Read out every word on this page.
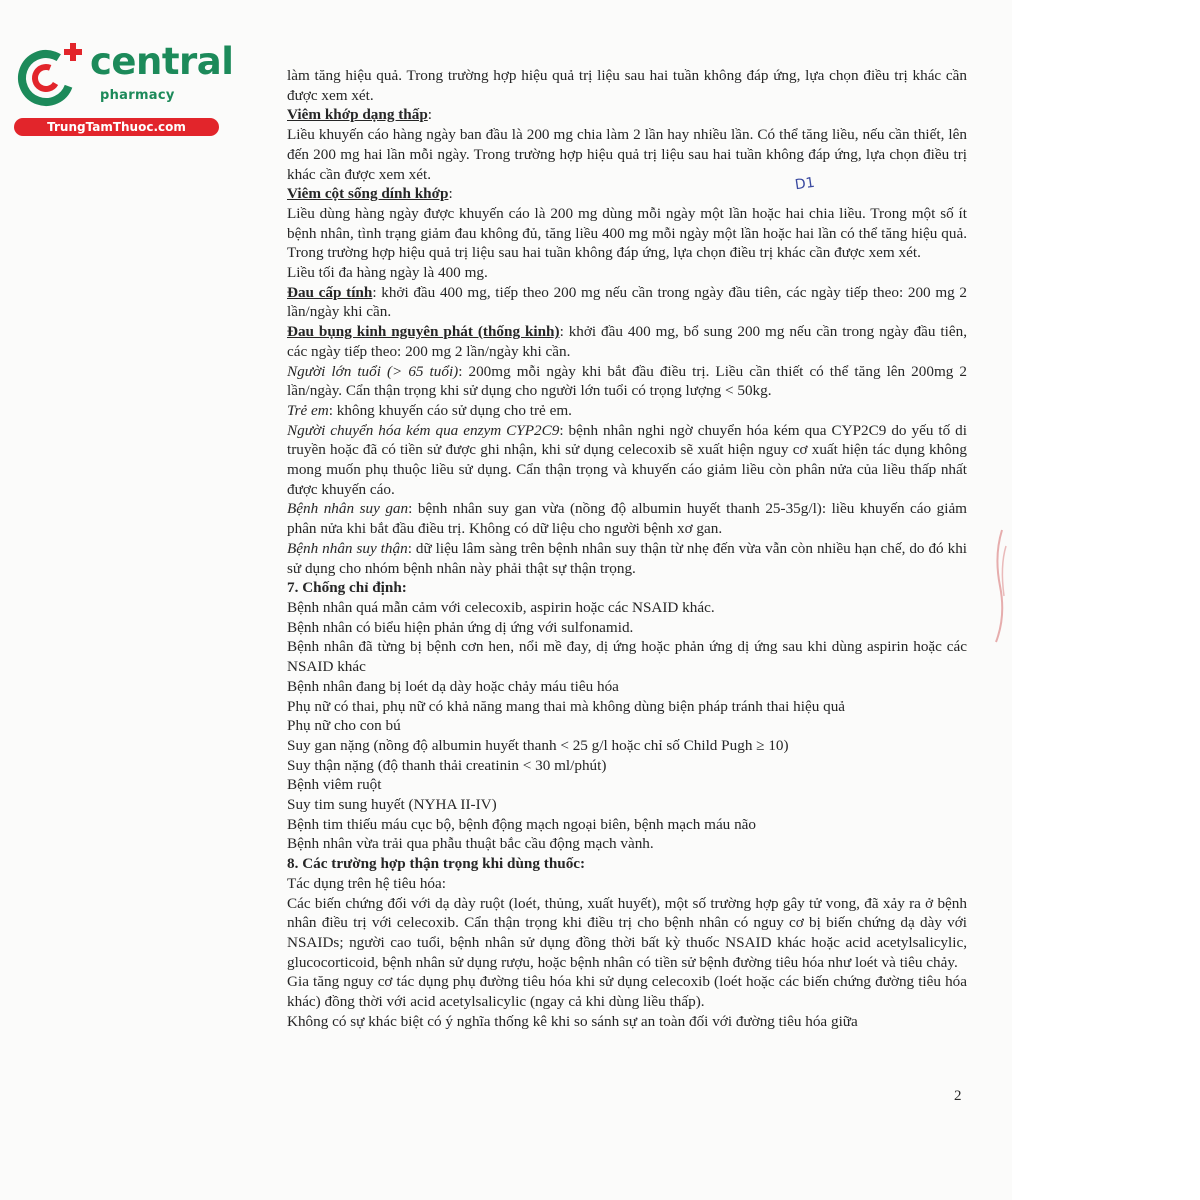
central
pharmacy
TrungTamThuoc.com
D1

làm tăng hiệu quả. Trong trường hợp hiệu quả trị liệu sau hai tuần không đáp ứng, lựa chọn điều trị khác cần được xem xét.

Viêm khớp dạng thấp:

Liều khuyến cáo hàng ngày ban đầu là 200 mg chia làm 2 lần hay nhiều lần. Có thể tăng liều, nếu cần thiết, lên đến 200 mg hai lần mỗi ngày. Trong trường hợp hiệu quả trị liệu sau hai tuần không đáp ứng, lựa chọn điều trị khác cần được xem xét.

Viêm cột sống dính khớp:

Liều dùng hàng ngày được khuyến cáo là 200 mg dùng mỗi ngày một lần hoặc hai chia liều. Trong một số ít bệnh nhân, tình trạng giảm đau không đủ, tăng liều 400 mg mỗi ngày một lần hoặc hai lần có thể tăng hiệu quả. Trong trường hợp hiệu quả trị liệu sau hai tuần không đáp ứng, lựa chọn điều trị khác cần được xem xét.

Liều tối đa hàng ngày là 400 mg.

Đau cấp tính: khởi đầu 400 mg, tiếp theo 200 mg nếu cần trong ngày đầu tiên, các ngày tiếp theo: 200 mg 2 lần/ngày khi cần.

Đau bụng kinh nguyên phát (thống kinh): khởi đầu 400 mg, bổ sung 200 mg nếu cần trong ngày đầu tiên, các ngày tiếp theo: 200 mg 2 lần/ngày khi cần.

Người lớn tuổi (> 65 tuổi): 200mg mỗi ngày khi bắt đầu điều trị. Liều cần thiết có thể tăng lên 200mg 2 lần/ngày. Cẩn thận trọng khi sử dụng cho người lớn tuổi có trọng lượng < 50kg.

Trẻ em: không khuyến cáo sử dụng cho trẻ em.

Người chuyển hóa kém qua enzym CYP2C9: bệnh nhân nghi ngờ chuyển hóa kém qua CYP2C9 do yếu tố di truyền hoặc đã có tiền sử được ghi nhận, khi sử dụng celecoxib sẽ xuất hiện nguy cơ xuất hiện tác dụng không mong muốn phụ thuộc liều sử dụng. Cẩn thận trọng và khuyến cáo giảm liều còn phân nửa của liều thấp nhất được khuyến cáo.

Bệnh nhân suy gan: bệnh nhân suy gan vừa (nồng độ albumin huyết thanh 25-35g/l): liều khuyến cáo giảm phân nửa khi bắt đầu điều trị. Không có dữ liệu cho người bệnh xơ gan.

Bệnh nhân suy thận: dữ liệu lâm sàng trên bệnh nhân suy thận từ nhẹ đến vừa vẫn còn nhiều hạn chế, do đó khi sử dụng cho nhóm bệnh nhân này phải thật sự thận trọng.

7. Chống chỉ định:

Bệnh nhân quá mẫn cảm với celecoxib, aspirin hoặc các NSAID khác.

Bệnh nhân có biểu hiện phản ứng dị ứng với sulfonamid.

Bệnh nhân đã từng bị bệnh cơn hen, nổi mề đay, dị ứng hoặc phản ứng dị ứng sau khi dùng aspirin hoặc các NSAID khác

Bệnh nhân đang bị loét dạ dày hoặc chảy máu tiêu hóa

Phụ nữ có thai, phụ nữ có khả năng mang thai mà không dùng biện pháp tránh thai hiệu quả

Phụ nữ cho con bú

Suy gan nặng (nồng độ albumin huyết thanh < 25 g/l hoặc chỉ số Child Pugh ≥ 10)

Suy thận nặng (độ thanh thải creatinin < 30 ml/phút)

Bệnh viêm ruột

Suy tim sung huyết (NYHA II-IV)

Bệnh tim thiếu máu cục bộ, bệnh động mạch ngoại biên, bệnh mạch máu não

Bệnh nhân vừa trải qua phẫu thuật bắc cầu động mạch vành.

8. Các trường hợp thận trọng khi dùng thuốc:

Tác dụng trên hệ tiêu hóa:

Các biến chứng đối với dạ dày ruột (loét, thủng, xuất huyết), một số trường hợp gây tử vong, đã xảy ra ở bệnh nhân điều trị với celecoxib. Cẩn thận trọng khi điều trị cho bệnh nhân có nguy cơ bị biến chứng dạ dày với NSAIDs; người cao tuổi, bệnh nhân sử dụng đồng thời bất kỳ thuốc NSAID khác hoặc acid acetylsalicylic, glucocorticoid, bệnh nhân sử dụng rượu, hoặc bệnh nhân có tiền sử bệnh đường tiêu hóa như loét và tiêu chảy.

Gia tăng nguy cơ tác dụng phụ đường tiêu hóa khi sử dụng celecoxib (loét hoặc các biến chứng đường tiêu hóa khác) đồng thời với acid acetylsalicylic (ngay cả khi dùng liều thấp).

Không có sự khác biệt có ý nghĩa thống kê khi so sánh sự an toàn đối với đường tiêu hóa giữa

2
